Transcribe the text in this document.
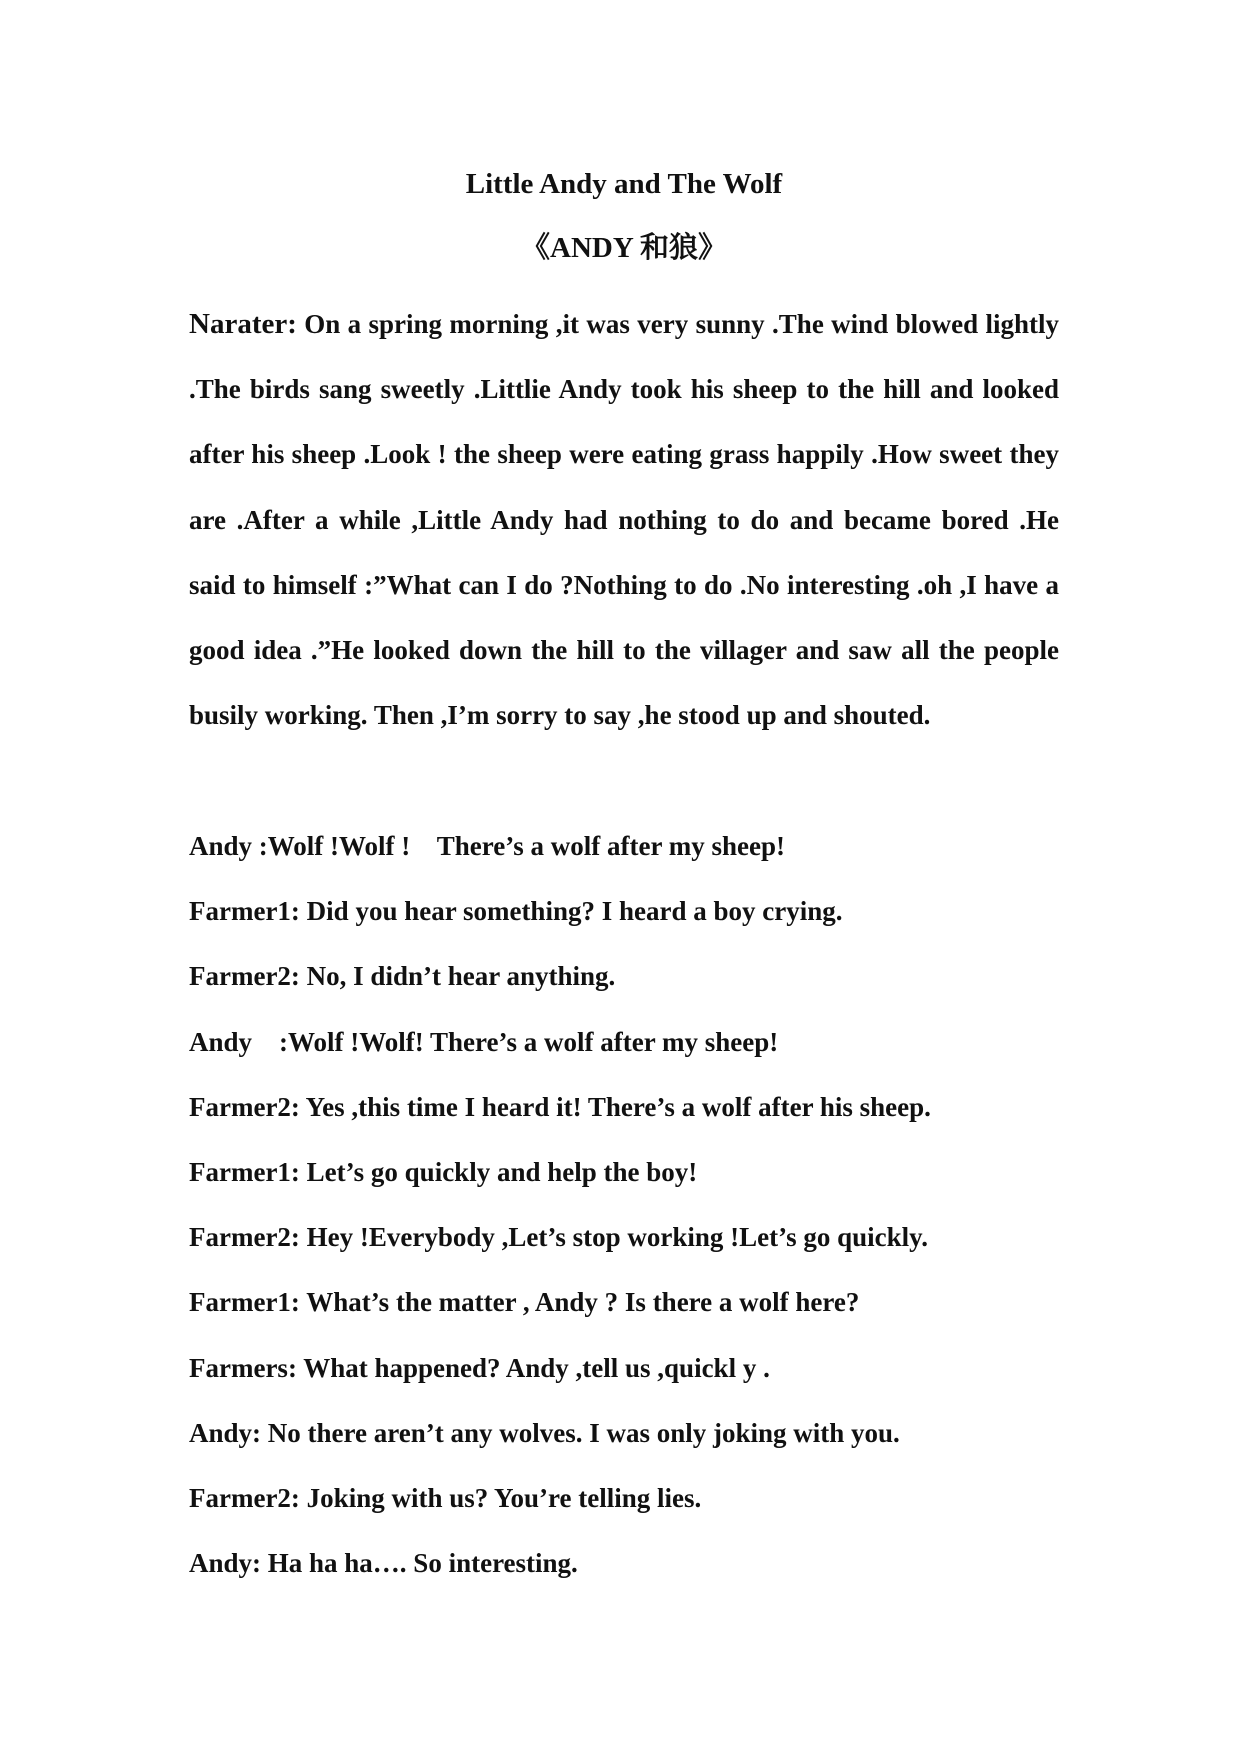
Little Andy and The Wolf
《ANDY 和狼》
Narater: On a spring morning ,it was very sunny .The wind blowed lightly .The birds sang sweetly .Littlie Andy took his sheep to the hill and looked after his sheep .Look ! the sheep were eating grass happily .How sweet they are .After a while ,Little Andy had nothing to do and became bored .He said to himself :”What can I do ?Nothing to do .No interesting .oh ,I have a good idea .”He looked down the hill to the villager and saw all the people busily working. Then ,I’m sorry to say ,he stood up and shouted.
Andy :Wolf !Wolf !    There’s a wolf after my sheep!
Farmer1: Did you hear something? I heard a boy crying.
Farmer2: No, I didn’t hear anything.
Andy    :Wolf !Wolf! There’s a wolf after my sheep!
Farmer2: Yes ,this time I heard it! There’s a wolf after his sheep.
Farmer1: Let’s go quickly and help the boy!
Farmer2: Hey !Everybody ,Let’s stop working !Let’s go quickly.
Farmer1: What’s the matter , Andy ? Is there a wolf here?
Farmers: What happened? Andy ,tell us ,quickl y .
Andy: No there aren’t any wolves. I was only joking with you.
Farmer2: Joking with us? You’re telling lies.
Andy: Ha ha ha…. So interesting.
